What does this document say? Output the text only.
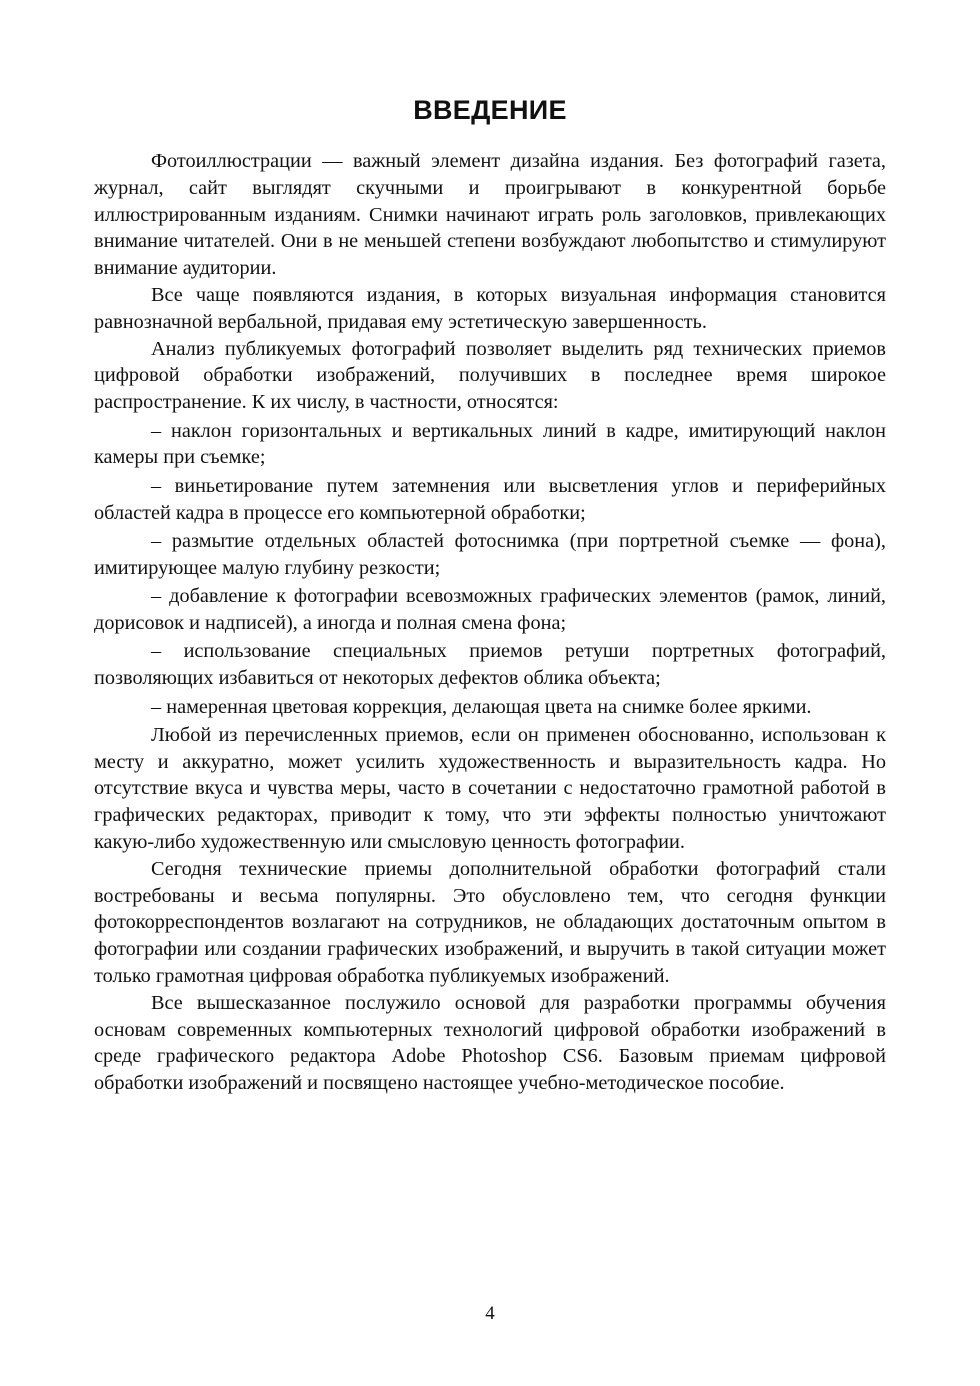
ВВЕДЕНИЕ

Фотоиллюстрации — важный элемент дизайна издания. Без фотографий газета, журнал, сайт выглядят скучными и проигрывают в конкурентной борьбе иллюстрированным изданиям. Снимки начинают играть роль заголовков, привлекающих внимание читателей. Они в не меньшей степени возбуждают любопытство и стимулируют внимание аудитории.

Все чаще появляются издания, в которых визуальная информация становится равнозначной вербальной, придавая ему эстетическую завершенность.

Анализ публикуемых фотографий позволяет выделить ряд технических приемов цифровой обработки изображений, получивших в последнее время широкое распространение. К их числу, в частности, относятся:

– наклон горизонтальных и вертикальных линий в кадре, имитирующий наклон камеры при съемке;

– виньетирование путем затемнения или высветления углов и периферийных областей кадра в процессе его компьютерной обработки;

– размытие отдельных областей фотоснимка (при портретной съемке — фона), имитирующее малую глубину резкости;

– добавление к фотографии всевозможных графических элементов (рамок, линий, дорисовок и надписей), а иногда и полная смена фона;

– использование специальных приемов ретуши портретных фотографий, позволяющих избавиться от некоторых дефектов облика объекта;

– намеренная цветовая коррекция, делающая цвета на снимке более яркими.

Любой из перечисленных приемов, если он применен обоснованно, использован к месту и аккуратно, может усилить художественность и выразительность кадра. Но отсутствие вкуса и чувства меры, часто в сочетании с недостаточно грамотной работой в графических редакторах, приводит к тому, что эти эффекты полностью уничтожают какую-либо художественную или смысловую ценность фотографии.

Сегодня технические приемы дополнительной обработки фотографий стали востребованы и весьма популярны. Это обусловлено тем, что сегодня функции фотокорреспондентов возлагают на сотрудников, не обладающих достаточным опытом в фотографии или создании графических изображений, и выручить в такой ситуации может только грамотная цифровая обработка публикуемых изображений.

Все вышесказанное послужило основой для разработки программы обучения основам современных компьютерных технологий цифровой обработки изображений в среде графического редактора Adobe Photoshop CS6. Базовым приемам цифровой обработки изображений и посвящено настоящее учебно-методическое пособие.

4
